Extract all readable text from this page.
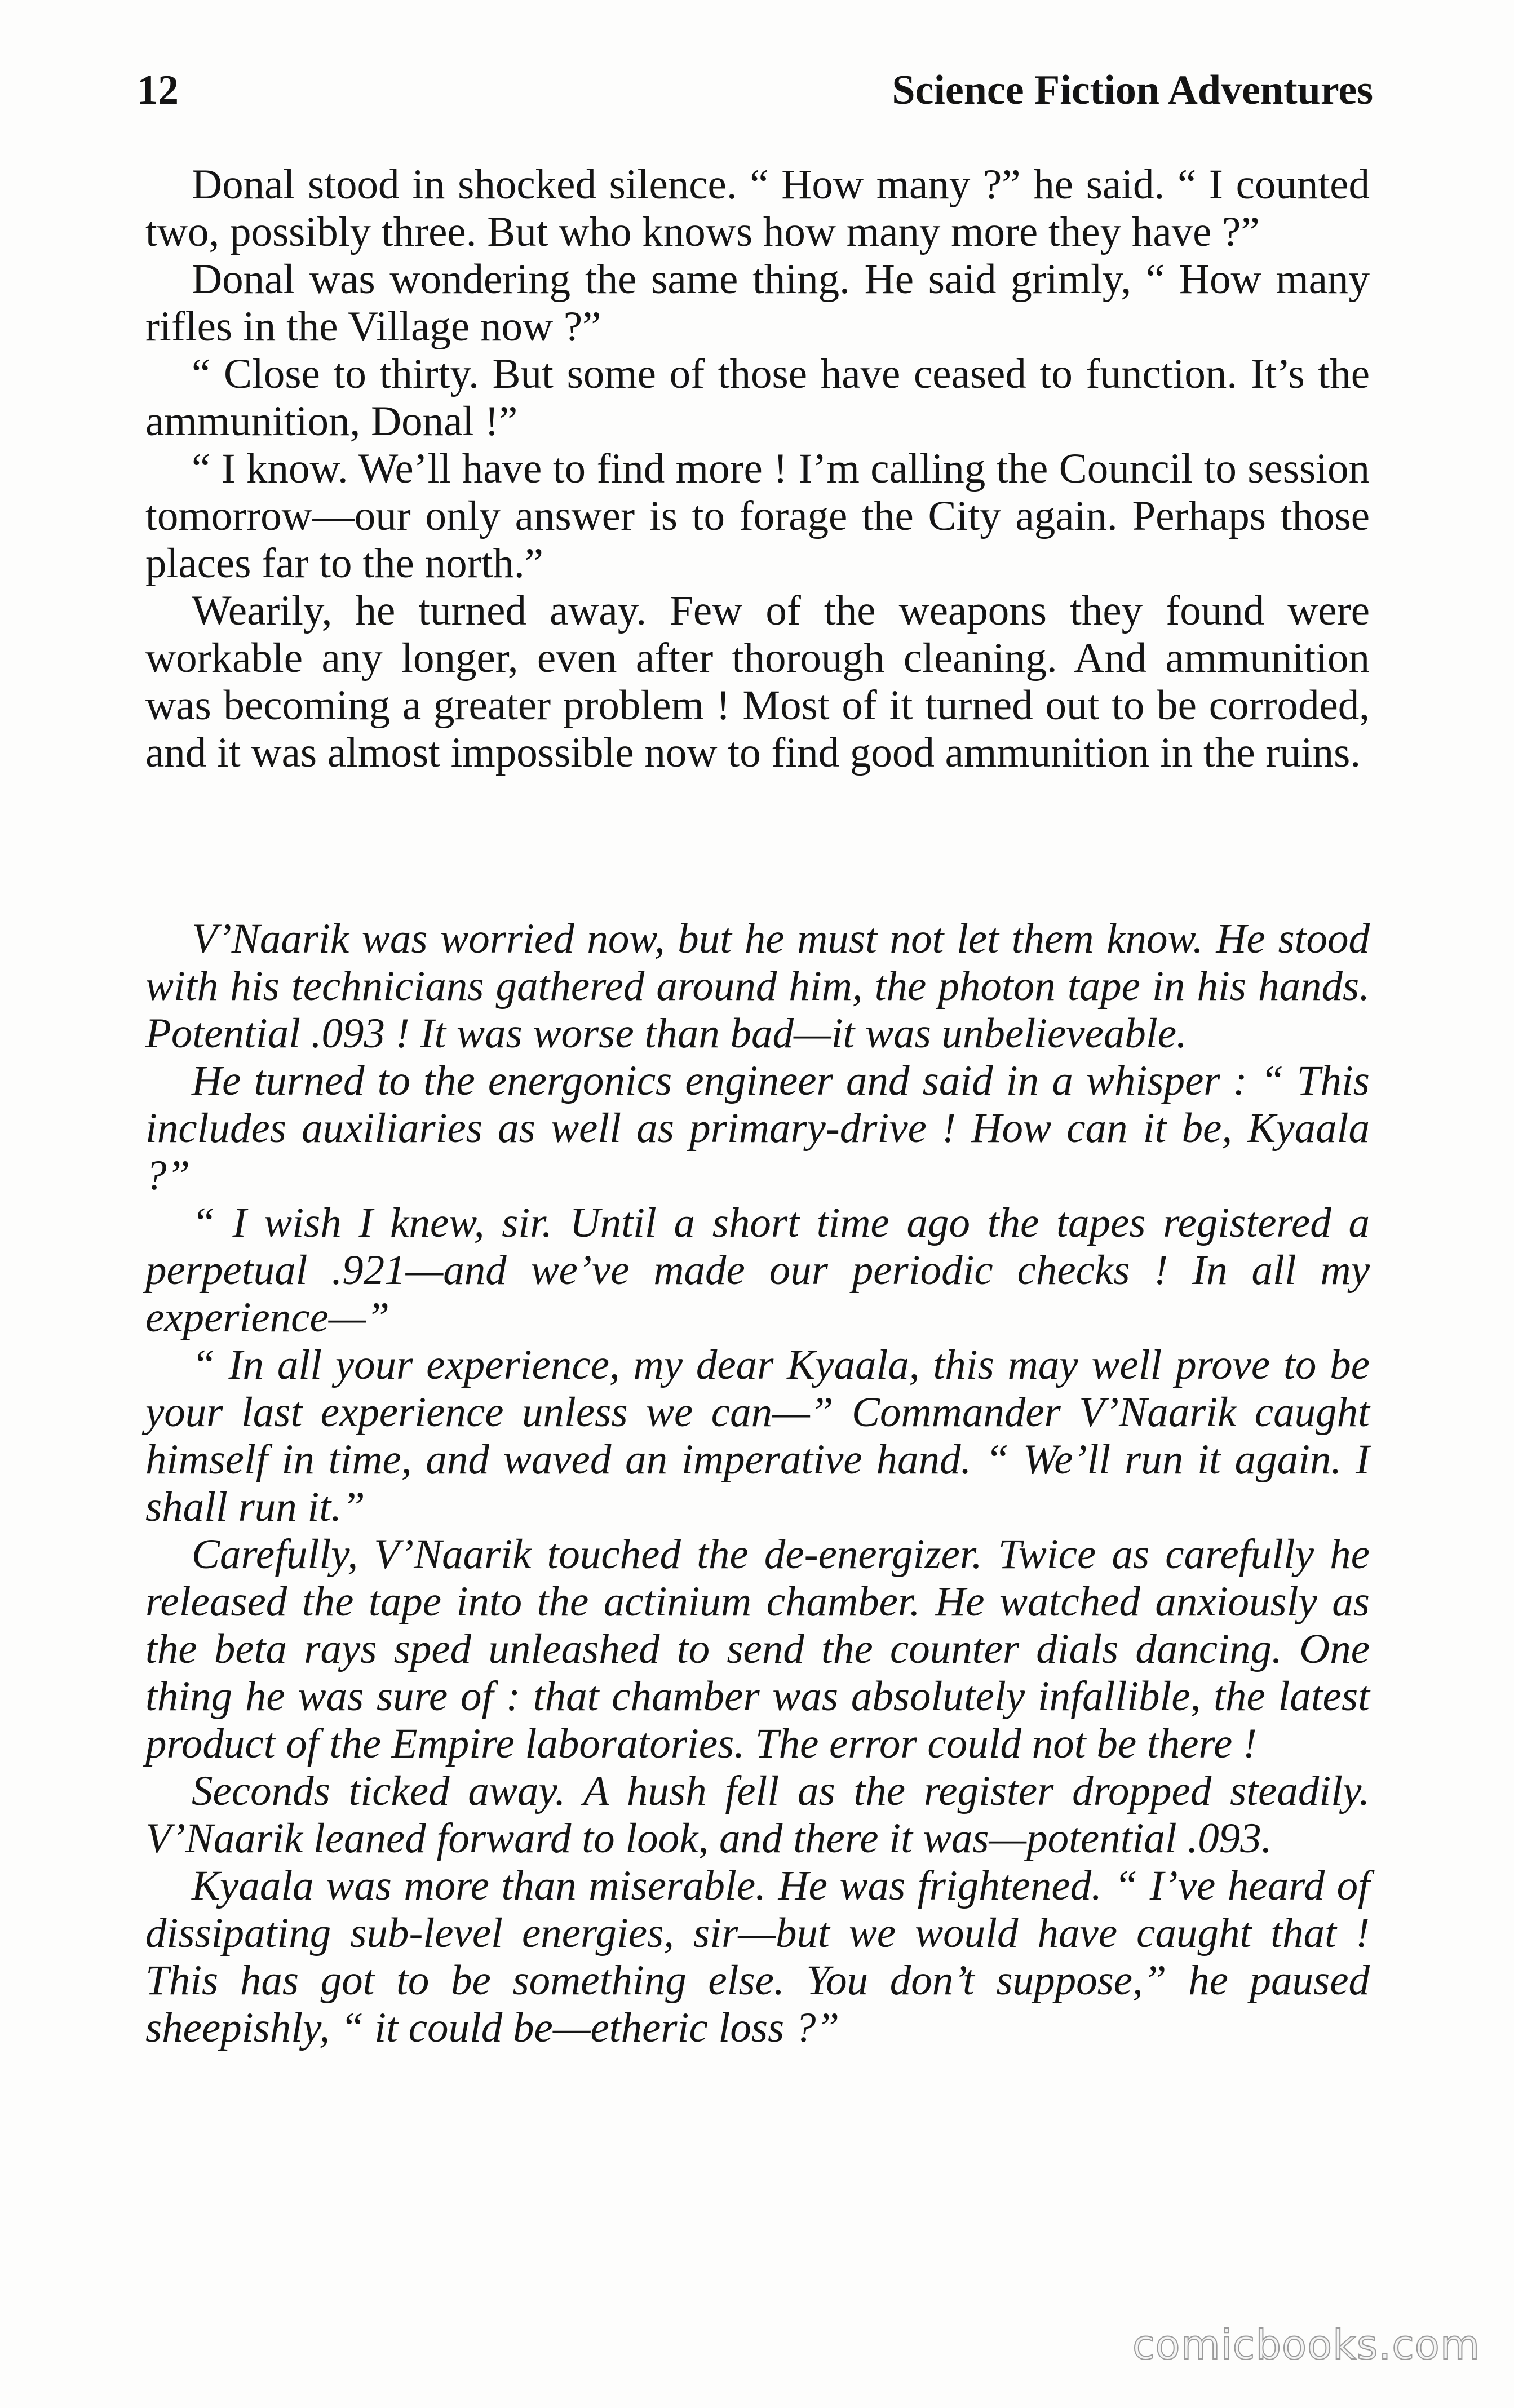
12	Science Fiction Adventures

Donal stood in shocked silence. “ How many ?” he said. “ I counted two, possibly three. But who knows how many more they have ?”

Donal was wondering the same thing. He said grimly, “ How many rifles in the Village now ?”

“ Close to thirty. But some of those have ceased to function. It’s the ammunition, Donal !”

“ I know. We’ll have to find more ! I’m calling the Council to session tomorrow—our only answer is to forage the City again. Perhaps those places far to the north.”

Wearily, he turned away. Few of the weapons they found were workable any longer, even after thorough cleaning. And ammunition was becoming a greater problem ! Most of it turned out to be corroded, and it was almost impossible now to find good ammunition in the ruins.

V’Naarik was worried now, but he must not let them know. He stood with his technicians gathered around him, the photon tape in his hands. Potential .093 ! It was worse than bad—it was unbelieveable.

He turned to the energonics engineer and said in a whisper : “ This includes auxiliaries as well as primary-drive ! How can it be, Kyaala ?”

“ I wish I knew, sir. Until a short time ago the tapes registered a perpetual .921—and we’ve made our periodic checks ! In all my experience—”

“ In all your experience, my dear Kyaala, this may well prove to be your last experience unless we can—” Commander V’Naarik caught himself in time, and waved an imperative hand. “ We’ll run it again. I shall run it.”

Carefully, V’Naarik touched the de-energizer. Twice as carefully he released the tape into the actinium chamber. He watched anxiously as the beta rays sped unleashed to send the counter dials dancing. One thing he was sure of : that chamber was absolutely infallible, the latest product of the Empire laboratories. The error could not be there !

Seconds ticked away. A hush fell as the register dropped steadily. V’Naarik leaned forward to look, and there it was—potential .093.

Kyaala was more than miserable. He was frightened. “ I’ve heard of dissipating sub-level energies, sir—but we would have caught that ! This has got to be something else. You don’t suppose,” he paused sheepishly, “ it could be—etheric loss ?”

comicbooks.com
